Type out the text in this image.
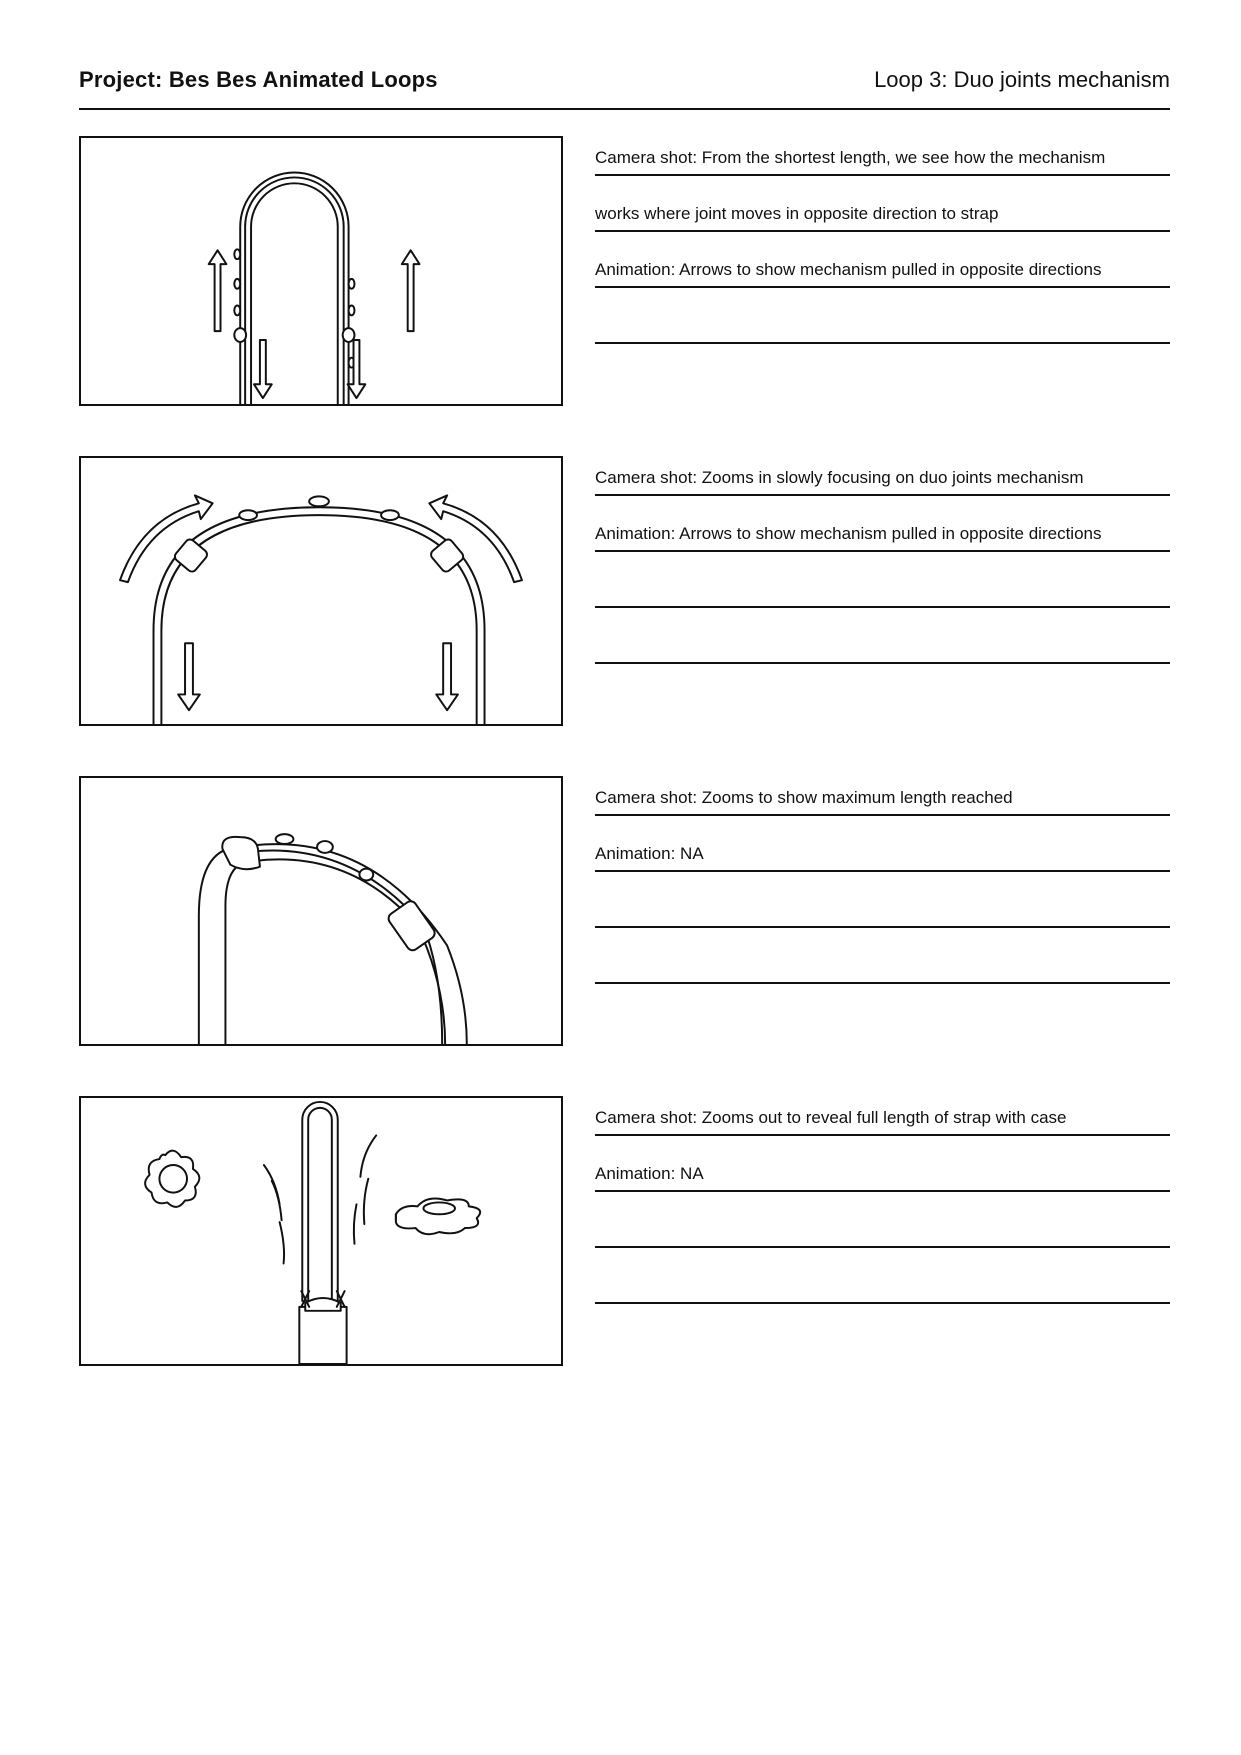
Project: Bes Bes Animated Loops	Loop 3: Duo joints mechanism
Camera shot: From the shortest length, we see how the mechanism
works where joint moves in opposite direction to strap
Animation: Arrows to show mechanism pulled in opposite directions
Camera shot: Zooms in slowly focusing on duo joints mechanism
Animation: Arrows to show mechanism pulled in opposite directions
Camera shot: Zooms to show maximum length reached
Animation: NA
Camera shot: Zooms out to reveal full length of strap with case
Animation: NA
